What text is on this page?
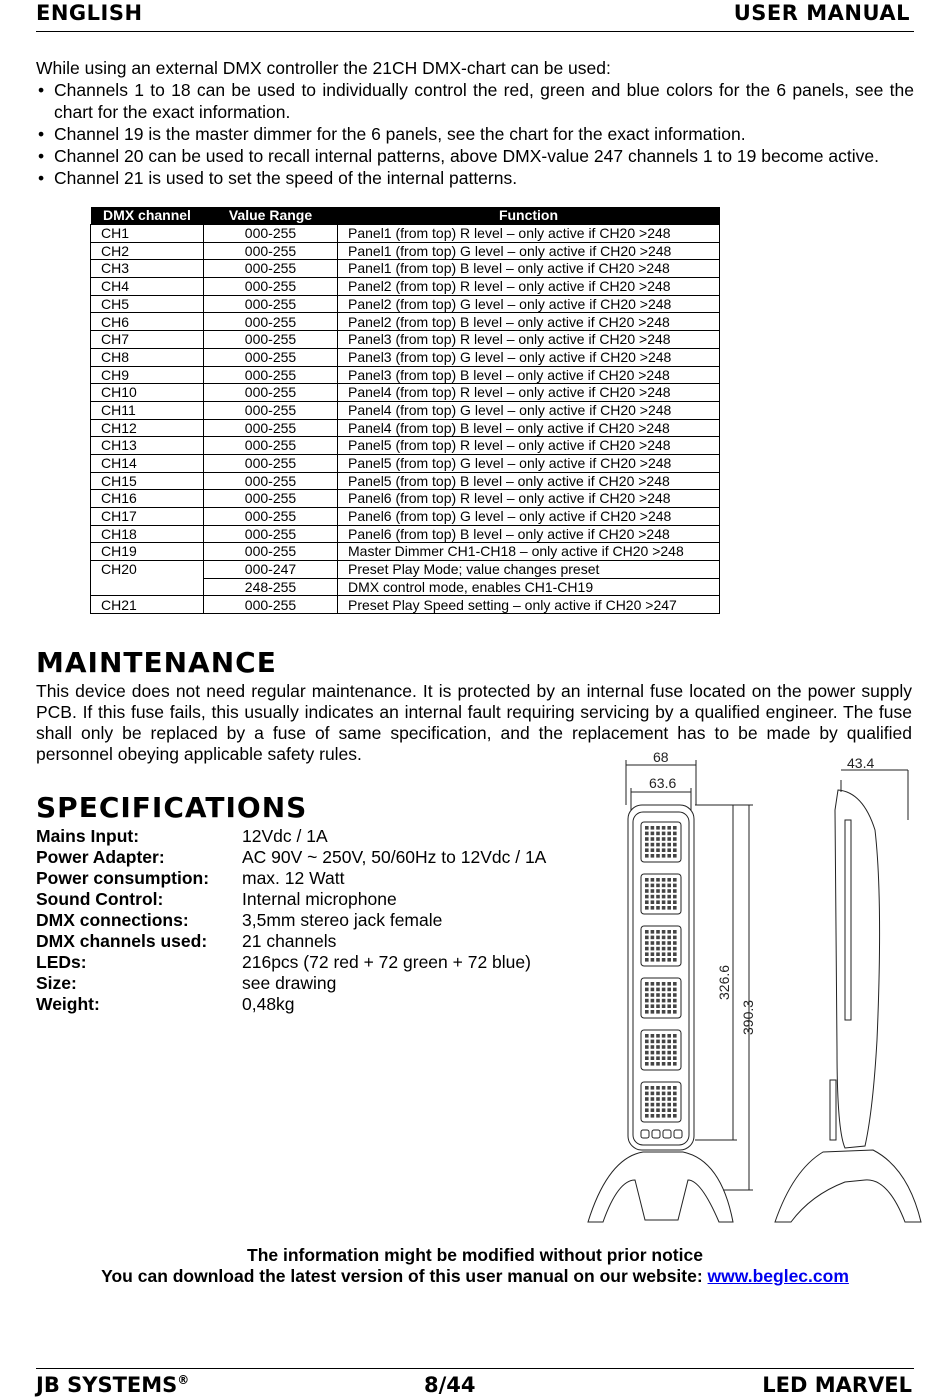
ENGLISH	USER MANUAL
While using an external DMX controller the 21CH DMX-chart can be used:
• Channels 1 to 18 can be used to individually control the red, green and blue colors for the 6 panels, see the chart for the exact information.
• Channel 19 is the master dimmer for the 6 panels, see the chart for the exact information.
• Channel 20 can be used to recall internal patterns, above DMX-value 247 channels 1 to 19 become active.
• Channel 21 is used to set the speed of the internal patterns.
DMX channel	Value Range	Function
CH1	000-255	Panel1 (from top) R level – only active if CH20 >248
CH2	000-255	Panel1 (from top) G level – only active if CH20 >248
CH3	000-255	Panel1 (from top) B level – only active if CH20 >248
CH4	000-255	Panel2 (from top) R level – only active if CH20 >248
CH5	000-255	Panel2 (from top) G level – only active if CH20 >248
CH6	000-255	Panel2 (from top) B level – only active if CH20 >248
CH7	000-255	Panel3 (from top) R level – only active if CH20 >248
CH8	000-255	Panel3 (from top) G level – only active if CH20 >248
CH9	000-255	Panel3 (from top) B level – only active if CH20 >248
CH10	000-255	Panel4 (from top) R level – only active if CH20 >248
CH11	000-255	Panel4 (from top) G level – only active if CH20 >248
CH12	000-255	Panel4 (from top) B level – only active if CH20 >248
CH13	000-255	Panel5 (from top) R level – only active if CH20 >248
CH14	000-255	Panel5 (from top) G level – only active if CH20 >248
CH15	000-255	Panel5 (from top) B level – only active if CH20 >248
CH16	000-255	Panel6 (from top) R level – only active if CH20 >248
CH17	000-255	Panel6 (from top) G level – only active if CH20 >248
CH18	000-255	Panel6 (from top) B level – only active if CH20 >248
CH19	000-255	Master Dimmer CH1-CH18 – only active if CH20 >248
CH20	000-247	Preset Play Mode; value changes preset
	248-255	DMX control mode, enables CH1-CH19
CH21	000-255	Preset Play Speed setting – only active if CH20 >247
MAINTENANCE
This device does not need regular maintenance. It is protected by an internal fuse located on the power supply PCB. If this fuse fails, this usually indicates an internal fault requiring servicing by a qualified engineer. The fuse shall only be replaced by a fuse of same specification, and the replacement has to be made by qualified personnel obeying applicable safety rules.
SPECIFICATIONS
Mains Input:	12Vdc / 1A
Power Adapter:	AC 90V ~ 250V, 50/60Hz to 12Vdc / 1A
Power consumption:	max. 12 Watt
Sound Control:	Internal microphone
DMX connections:	3,5mm stereo jack female
DMX channels used:	21 channels
LEDs:	216pcs (72 red + 72 green + 72 blue)
Size:	see drawing
Weight:	0,48kg
68
63.6
43.4
326.6
390.3
The information might be modified without prior notice
You can download the latest version of this user manual on our website: www.beglec.com
JB SYSTEMS®	8/44	LED MARVEL
